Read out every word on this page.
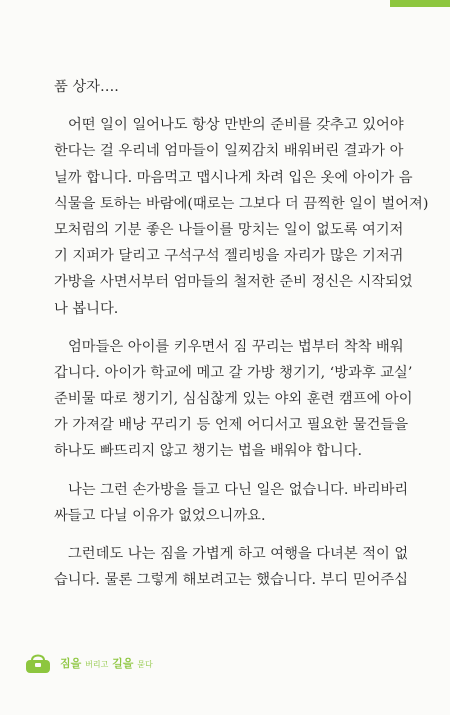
품 상자….
어떤 일이 일어나도 항상 만반의 준비를 갖추고 있어야
한다는 걸 우리네 엄마들이 일찌감치 배워버린 결과가 아
닐까 합니다. 마음먹고 맵시나게 차려 입은 옷에 아이가 음
식물을 토하는 바람에(때로는 그보다 더 끔찍한 일이 벌어져)
모처럼의 기분 좋은 나들이를 망치는 일이 없도록 여기저
기 지퍼가 달리고 구석구석 젤리빙을 자리가 많은 기저귀
가방을 사면서부터 엄마들의 철저한 준비 정신은 시작되었
나 봅니다.
엄마들은 아이를 키우면서 짐 꾸리는 법부터 착착 배워
갑니다. 아이가 학교에 메고 갈 가방 챙기기, ‘방과후 교실’
준비물 따로 챙기기, 심심찮게 있는 야외 훈련 캠프에 아이
가 가져갈 배낭 꾸리기 등 언제 어디서고 필요한 물건들을
하나도 빠뜨리지 않고 챙기는 법을 배워야 합니다.
나는 그런 손가방을 들고 다닌 일은 없습니다. 바리바리
싸들고 다닐 이유가 없었으니까요.
그런데도 나는 짐을 가볍게 하고 여행을 다녀본 적이 없
습니다. 물론 그렇게 해보려고는 했습니다. 부디 믿어주십
짐을 버리고 길을 묻다
